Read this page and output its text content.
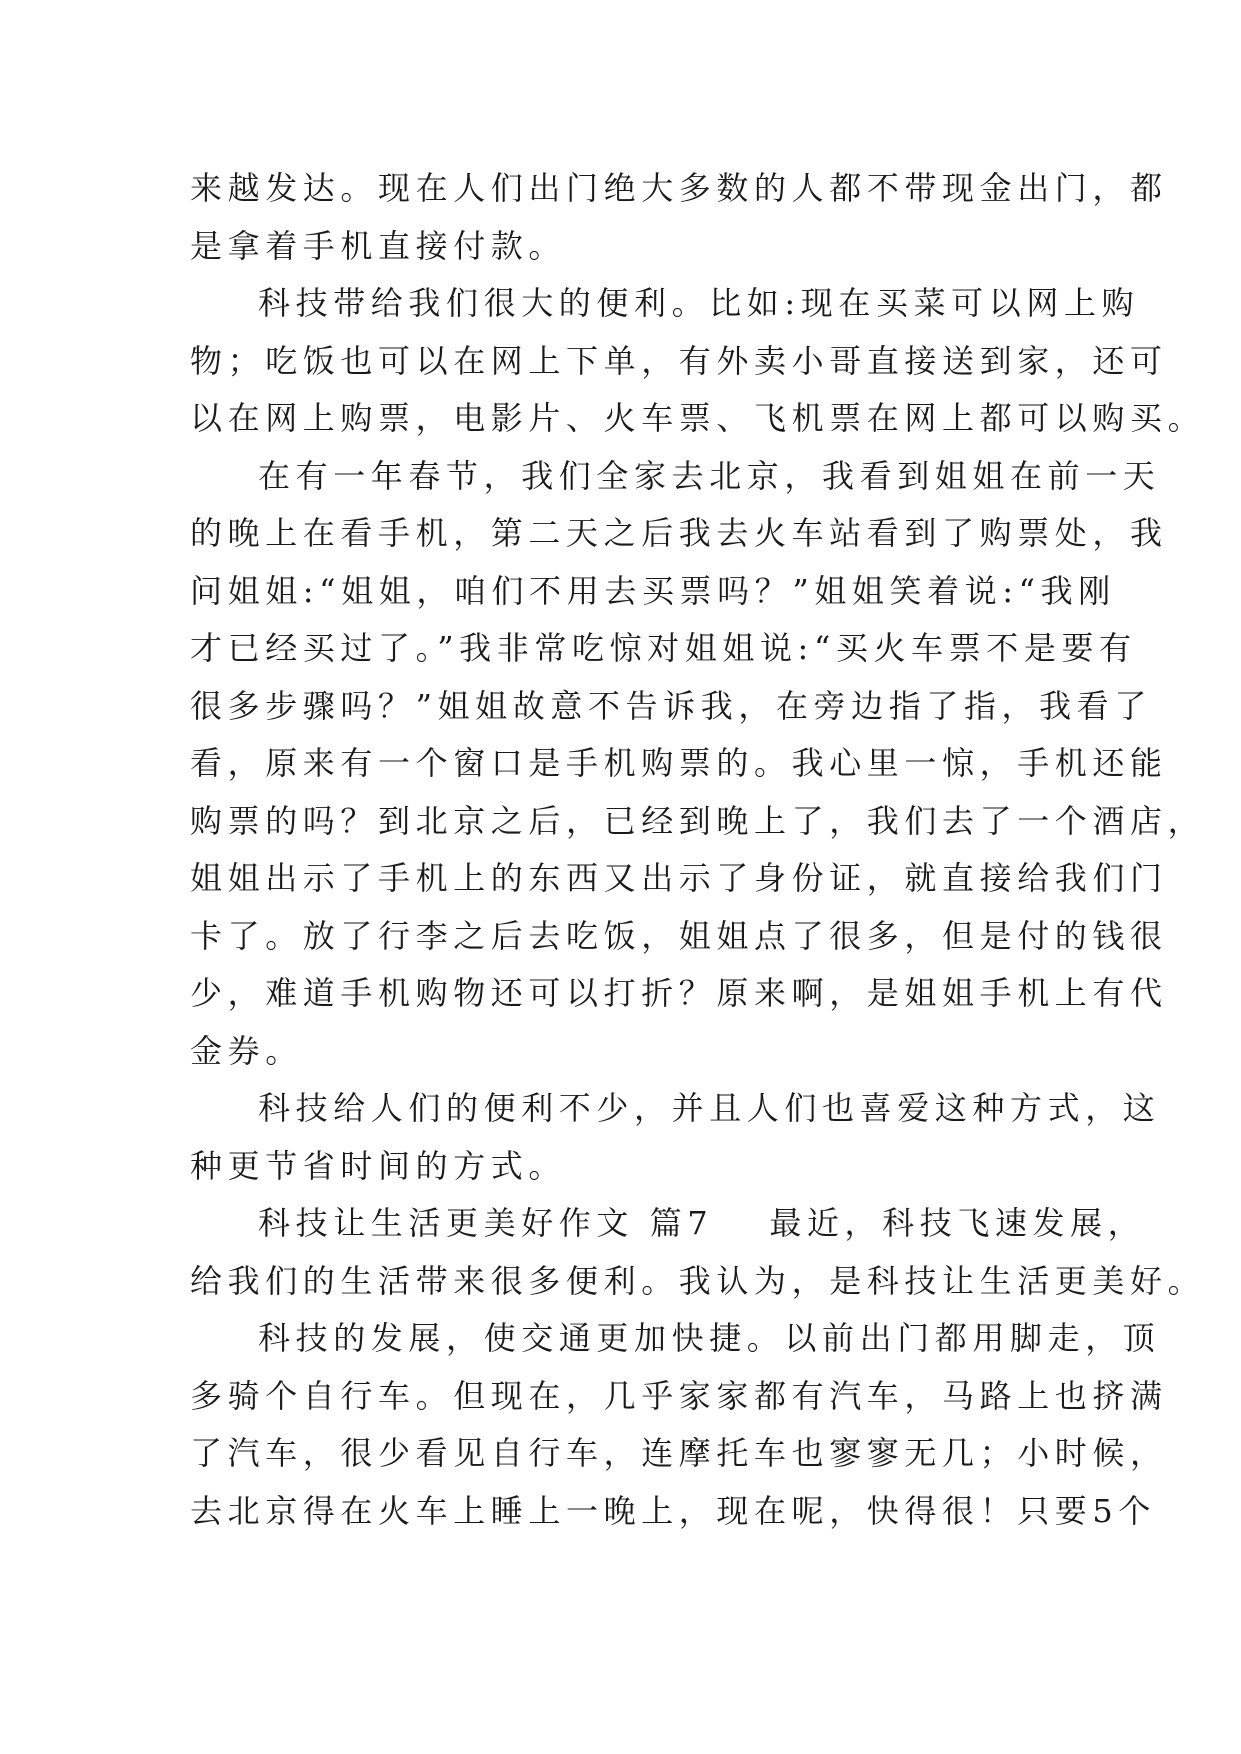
来越发达。现在人们出门绝大多数的人都不带现金出门，都
是拿着手机直接付款。
科技带给我们很大的便利。比如:现在买菜可以网上购
物；吃饭也可以在网上下单，有外卖小哥直接送到家，还可
以在网上购票，电影片、火车票、飞机票在网上都可以购买。
在有一年春节，我们全家去北京，我看到姐姐在前一天
的晚上在看手机，第二天之后我去火车站看到了购票处，我
问姐姐:“姐姐，咱们不用去买票吗？”姐姐笑着说:“我刚
才已经买过了。”我非常吃惊对姐姐说:“买火车票不是要有
很多步骤吗？”姐姐故意不告诉我，在旁边指了指，我看了
看，原来有一个窗口是手机购票的。我心里一惊，手机还能
购票的吗？到北京之后，已经到晚上了，我们去了一个酒店，
姐姐出示了手机上的东西又出示了身份证，就直接给我们门
卡了。放了行李之后去吃饭，姐姐点了很多，但是付的钱很
少，难道手机购物还可以打折？原来啊，是姐姐手机上有代
金券。
科技给人们的便利不少，并且人们也喜爱这种方式，这
种更节省时间的方式。
科技让生活更美好作文 篇7 最近，科技飞速发展，
给我们的生活带来很多便利。我认为，是科技让生活更美好。
科技的发展，使交通更加快捷。以前出门都用脚走，顶
多骑个自行车。但现在，几乎家家都有汽车，马路上也挤满
了汽车，很少看见自行车，连摩托车也寥寥无几；小时候，
去北京得在火车上睡上一晚上，现在呢，快得很！只要5个
